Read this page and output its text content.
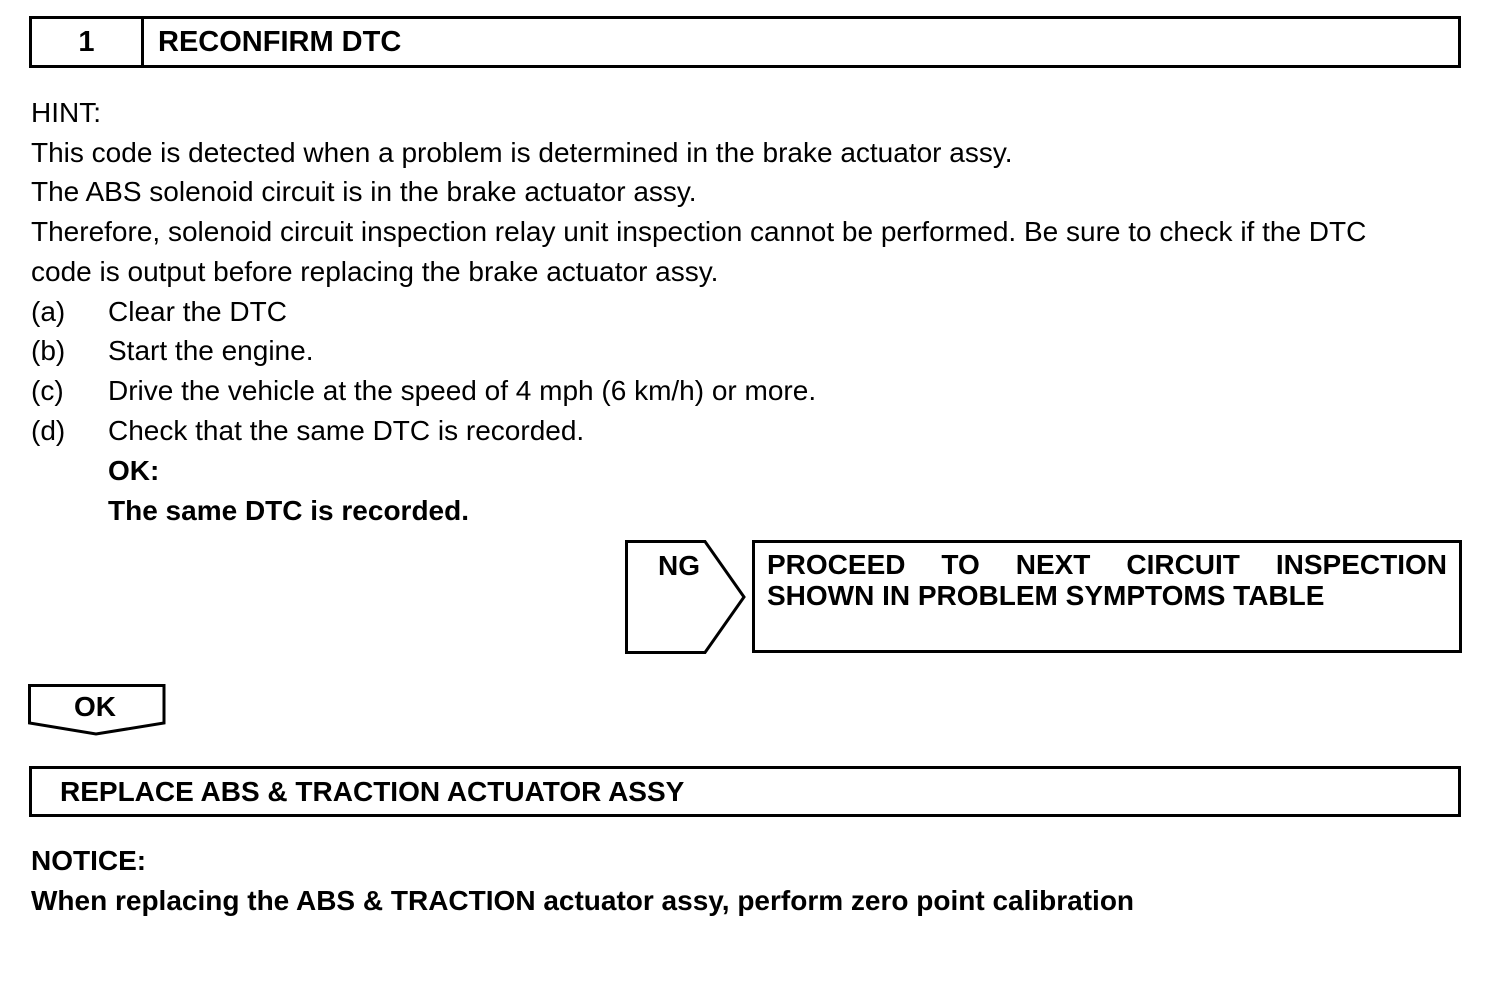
1	RECONFIRM DTC
HINT:
This code is detected when a problem is determined in the brake actuator assy.
The ABS solenoid circuit is in the brake actuator assy.
Therefore, solenoid circuit inspection relay unit inspection cannot be performed. Be sure to check if the DTC
code is output before replacing the brake actuator assy.
(a) Clear the DTC
(b) Start the engine.
(c) Drive the vehicle at the speed of 4 mph (6 km/h) or more.
(d) Check that the same DTC is recorded.
OK:
The same DTC is recorded.
NG PROCEED TO NEXT CIRCUIT INSPECTION
SHOWN IN PROBLEM SYMPTOMS TABLE
OK
REPLACE ABS & TRACTION ACTUATOR ASSY
NOTICE:
When replacing the ABS & TRACTION actuator assy, perform zero point calibration
